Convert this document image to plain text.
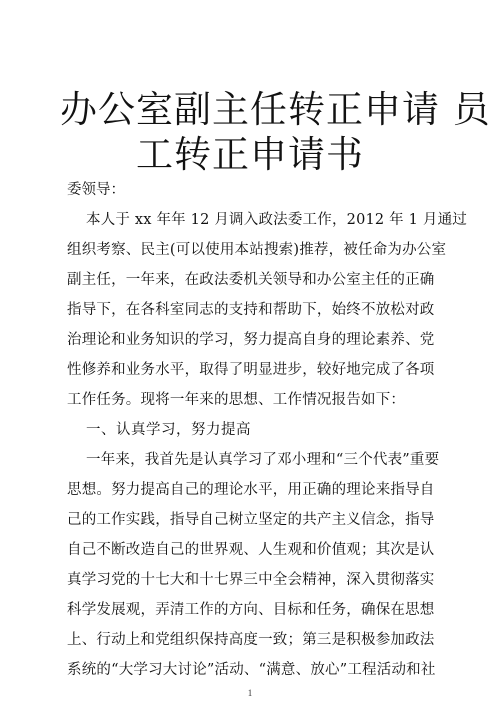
办公室副主任转正申请 员
工转正申请书
委领导：
本人于 xx 年年 12 月调入政法委工作，2012 年 1 月通过
组织考察、民主(可以使用本站搜索)推荐，被任命为办公室
副主任，一年来，在政法委机关领导和办公室主任的正确
指导下，在各科室同志的支持和帮助下，始终不放松对政
治理论和业务知识的学习，努力提高自身的理论素养、党
性修养和业务水平，取得了明显进步，较好地完成了各项
工作任务。现将一年来的思想、工作情况报告如下：
一、认真学习，努力提高
一年来，我首先是认真学习了邓小理和“三个代表”重要
思想。努力提高自己的理论水平，用正确的理论来指导自
己的工作实践，指导自己树立坚定的共产主义信念，指导
自己不断改造自己的世界观、人生观和价值观；其次是认
真学习党的十七大和十七界三中全会精神，深入贯彻落实
科学发展观，弄清工作的方向、目标和任务，确保在思想
上、行动上和党组织保持高度一致；第三是积极参加政法
系统的“大学习大讨论”活动、“满意、放心”工程活动和社
1
